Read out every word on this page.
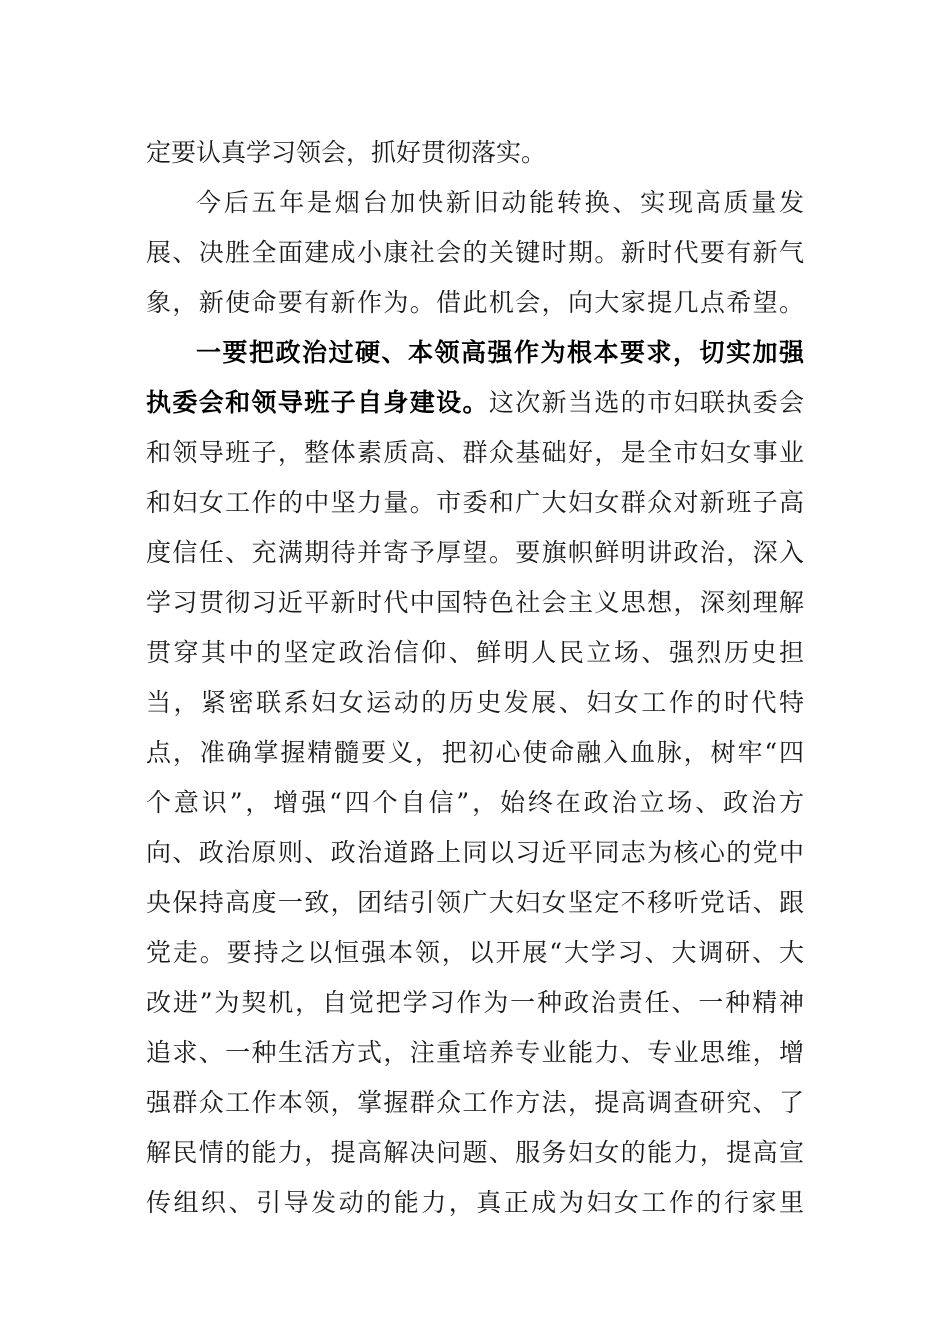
定要认真学习领会，抓好贯彻落实。
今后五年是烟台加快新旧动能转换、实现高质量发
展、决胜全面建成小康社会的关键时期。新时代要有新气
象，新使命要有新作为。借此机会，向大家提几点希望。
一要把政治过硬、本领高强作为根本要求，切实加强
执委会和领导班子自身建设。这次新当选的市妇联执委会
和领导班子，整体素质高、群众基础好，是全市妇女事业
和妇女工作的中坚力量。市委和广大妇女群众对新班子高
度信任、充满期待并寄予厚望。要旗帜鲜明讲政治，深入
学习贯彻习近平新时代中国特色社会主义思想，深刻理解
贯穿其中的坚定政治信仰、鲜明人民立场、强烈历史担
当，紧密联系妇女运动的历史发展、妇女工作的时代特
点，准确掌握精髓要义，把初心使命融入血脉，树牢“四
个意识”，增强“四个自信”，始终在政治立场、政治方
向、政治原则、政治道路上同以习近平同志为核心的党中
央保持高度一致，团结引领广大妇女坚定不移听党话、跟
党走。要持之以恒强本领，以开展“大学习、大调研、大
改进”为契机，自觉把学习作为一种政治责任、一种精神
追求、一种生活方式，注重培养专业能力、专业思维，增
强群众工作本领，掌握群众工作方法，提高调查研究、了
解民情的能力，提高解决问题、服务妇女的能力，提高宣
传组织、引导发动的能力，真正成为妇女工作的行家里
